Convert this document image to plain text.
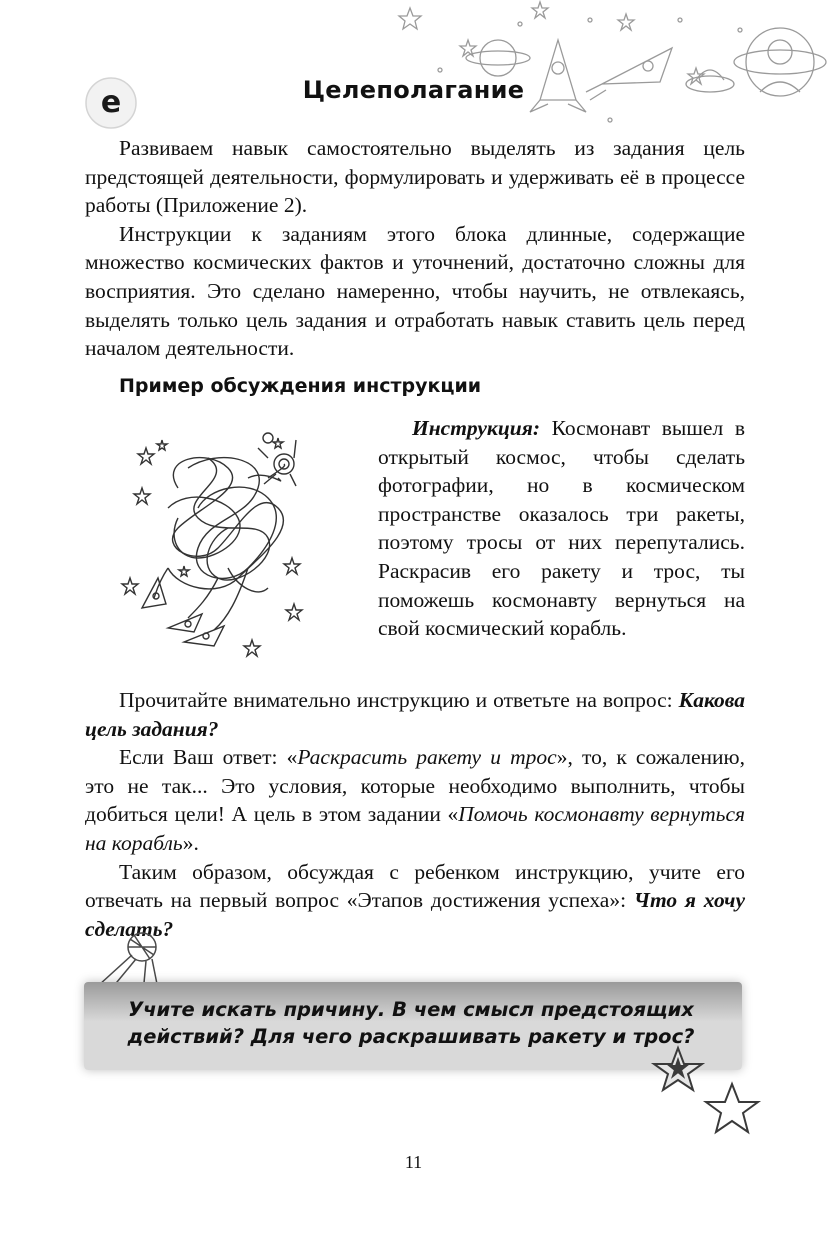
e	Целеполагание

Развиваем навык самостоятельно выделять из задания цель предстоящей деятельности, формулировать и удерживать её в процессе работы (Приложение 2).

Инструкции к заданиям этого блока длинные, содержащие множество космических фактов и уточнений, достаточно сложны для восприятия. Это сделано намеренно, чтобы научить, не отвлекаясь, выделять только цель задания и отработать навык ставить цель перед началом деятельности.

Пример обсуждения инструкции

Инструкция: Космонавт вышел в открытый космос, чтобы сделать фотографии, но в космическом пространстве оказалось три ракеты, поэтому тросы от них перепутались. Раскрасив его ракету и трос, ты поможешь космонавту вернуться на свой космический корабль.

Прочитайте внимательно инструкцию и ответьте на вопрос: Какова цель задания?

Если Ваш ответ: «Раскрасить ракету и трос», то, к сожалению, это не так... Это условия, которые необходимо выполнить, чтобы добиться цели! А цель в этом задании «Помочь космонавту вернуться на корабль».

Таким образом, обсуждая с ребенком инструкцию, учите его отвечать на первый вопрос «Этапов достижения успеха»: Что я хочу сделать?

Учите искать причину. В чем смысл предстоящих действий? Для чего раскрашивать ракету и трос?

11
